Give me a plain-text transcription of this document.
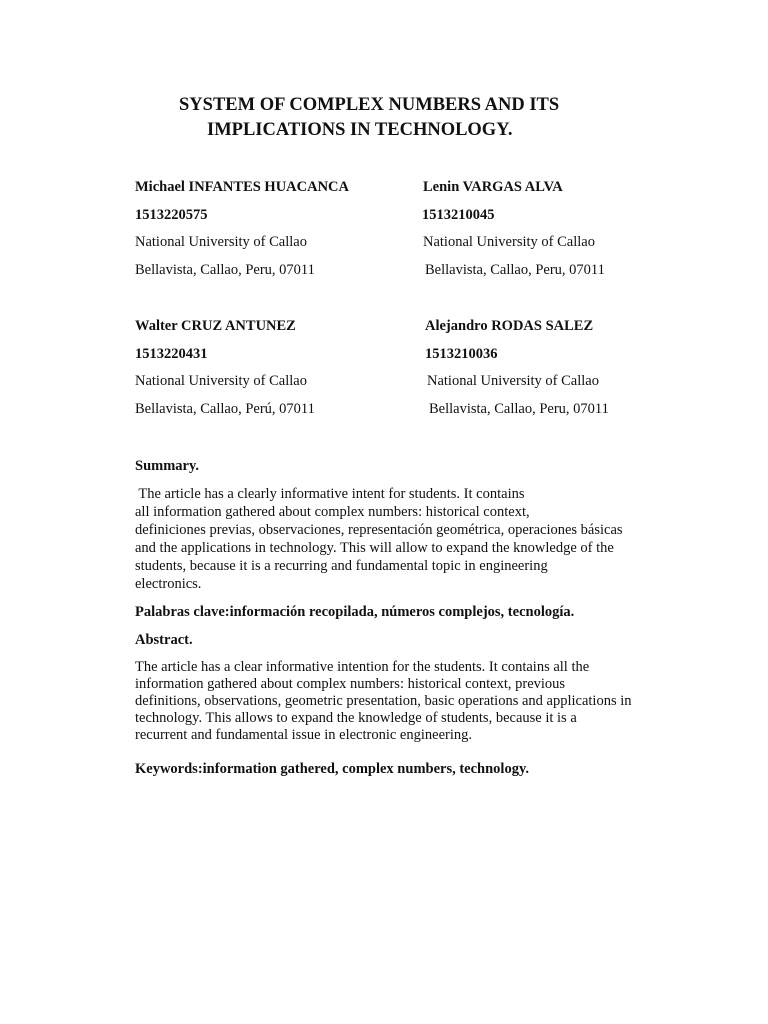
SYSTEM OF COMPLEX NUMBERS AND ITS
IMPLICATIONS IN TECHNOLOGY.
Michael INFANTES HUACANCA
1513220575
National University of Callao
Bellavista, Callao, Peru, 07011
Lenin VARGAS ALVA
1513210045
National University of Callao
Bellavista, Callao, Peru, 07011
Walter CRUZ ANTUNEZ
1513220431
National University of Callao
Bellavista, Callao, Perú, 07011
Alejandro RODAS SALEZ
1513210036
National University of Callao
Bellavista, Callao, Peru, 07011
Summary.
The article has a clearly informative intent for students. It contains
all information gathered about complex numbers: historical context,
definiciones previas, observaciones, representación geométrica, operaciones básicas
and the applications in technology. This will allow to expand the knowledge of the
students, because it is a recurring and fundamental topic in engineering
electronics.

Palabras clave:información recopilada, números complejos, tecnología.

Abstract.
The article has a clear informative intention for the students. It contains all the
information gathered about complex numbers: historical context, previous
definitions, observations, geometric presentation, basic operations and applications in
technology. This allows to expand the knowledge of students, because it is a
recurrent and fundamental issue in electronic engineering.

Keywords:information gathered, complex numbers, technology.
